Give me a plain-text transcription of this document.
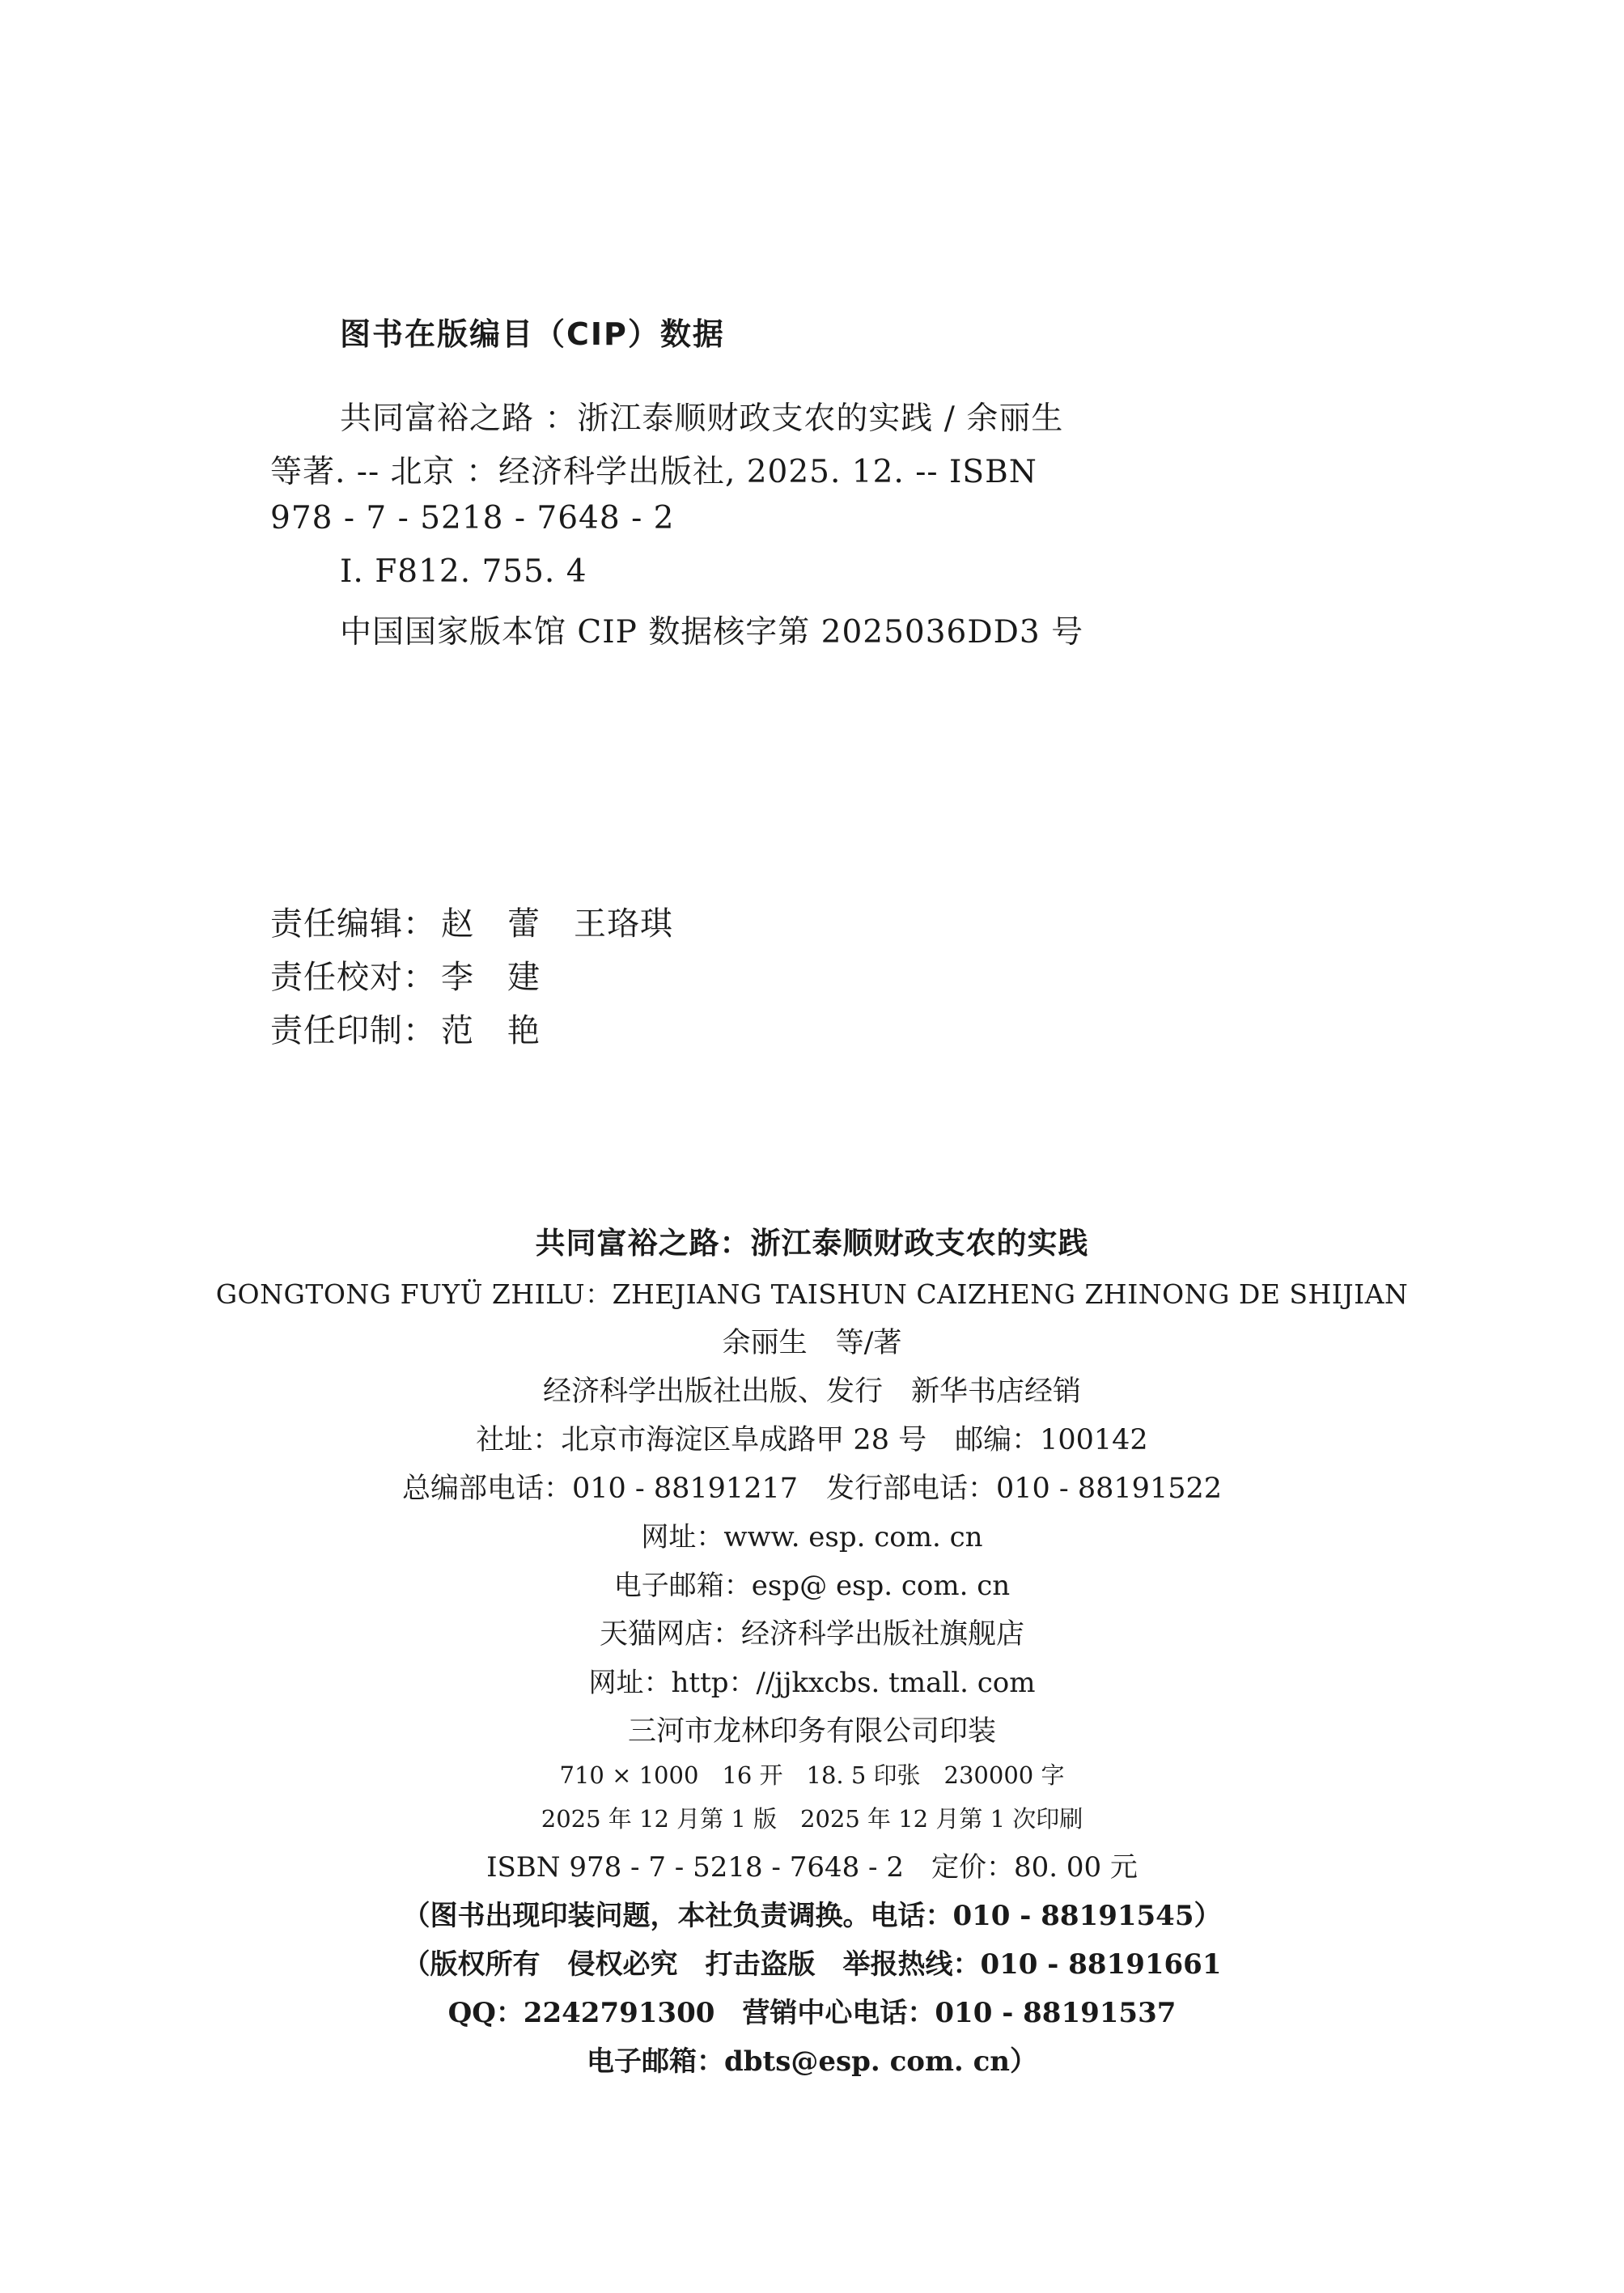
图书在版编目（CIP）数据
共同富裕之路 ：浙江泰顺财政支农的实践 / 余丽生
等著. -- 北京 ：经济科学出版社, 2025. 12. -- ISBN
978 - 7 - 5218 - 7648 - 2
Ⅰ. F812. 755. 4
中国国家版本馆 CIP 数据核字第 2025036DD3 号
责任编辑： 赵　蕾　王珞琪
责任校对： 李　建
责任印制： 范　艳
共同富裕之路：浙江泰顺财政支农的实践
GONGTONG FUYÜ ZHILU：ZHEJIANG TAISHUN CAIZHENG ZHINONG DE SHIJIAN
余丽生　等/著
经济科学出版社出版、发行　新华书店经销
社址：北京市海淀区阜成路甲 28 号　邮编：100142
总编部电话：010 - 88191217　发行部电话：010 - 88191522
网址：www. esp. com. cn
电子邮箱：esp@ esp. com. cn
天猫网店：经济科学出版社旗舰店
网址：http：//jjkxcbs. tmall. com
三河市龙林印务有限公司印装
710 × 1000　16 开　18. 5 印张　230000 字
2025 年 12 月第 1 版　2025 年 12 月第 1 次印刷
ISBN 978 - 7 - 5218 - 7648 - 2　定价：80. 00 元
（图书出现印装问题，本社负责调换。电话：010 - 88191545）
（版权所有　侵权必究　打击盗版　举报热线：010 - 88191661
QQ：2242791300　营销中心电话：010 - 88191537
电子邮箱：dbts@esp. com. cn）
